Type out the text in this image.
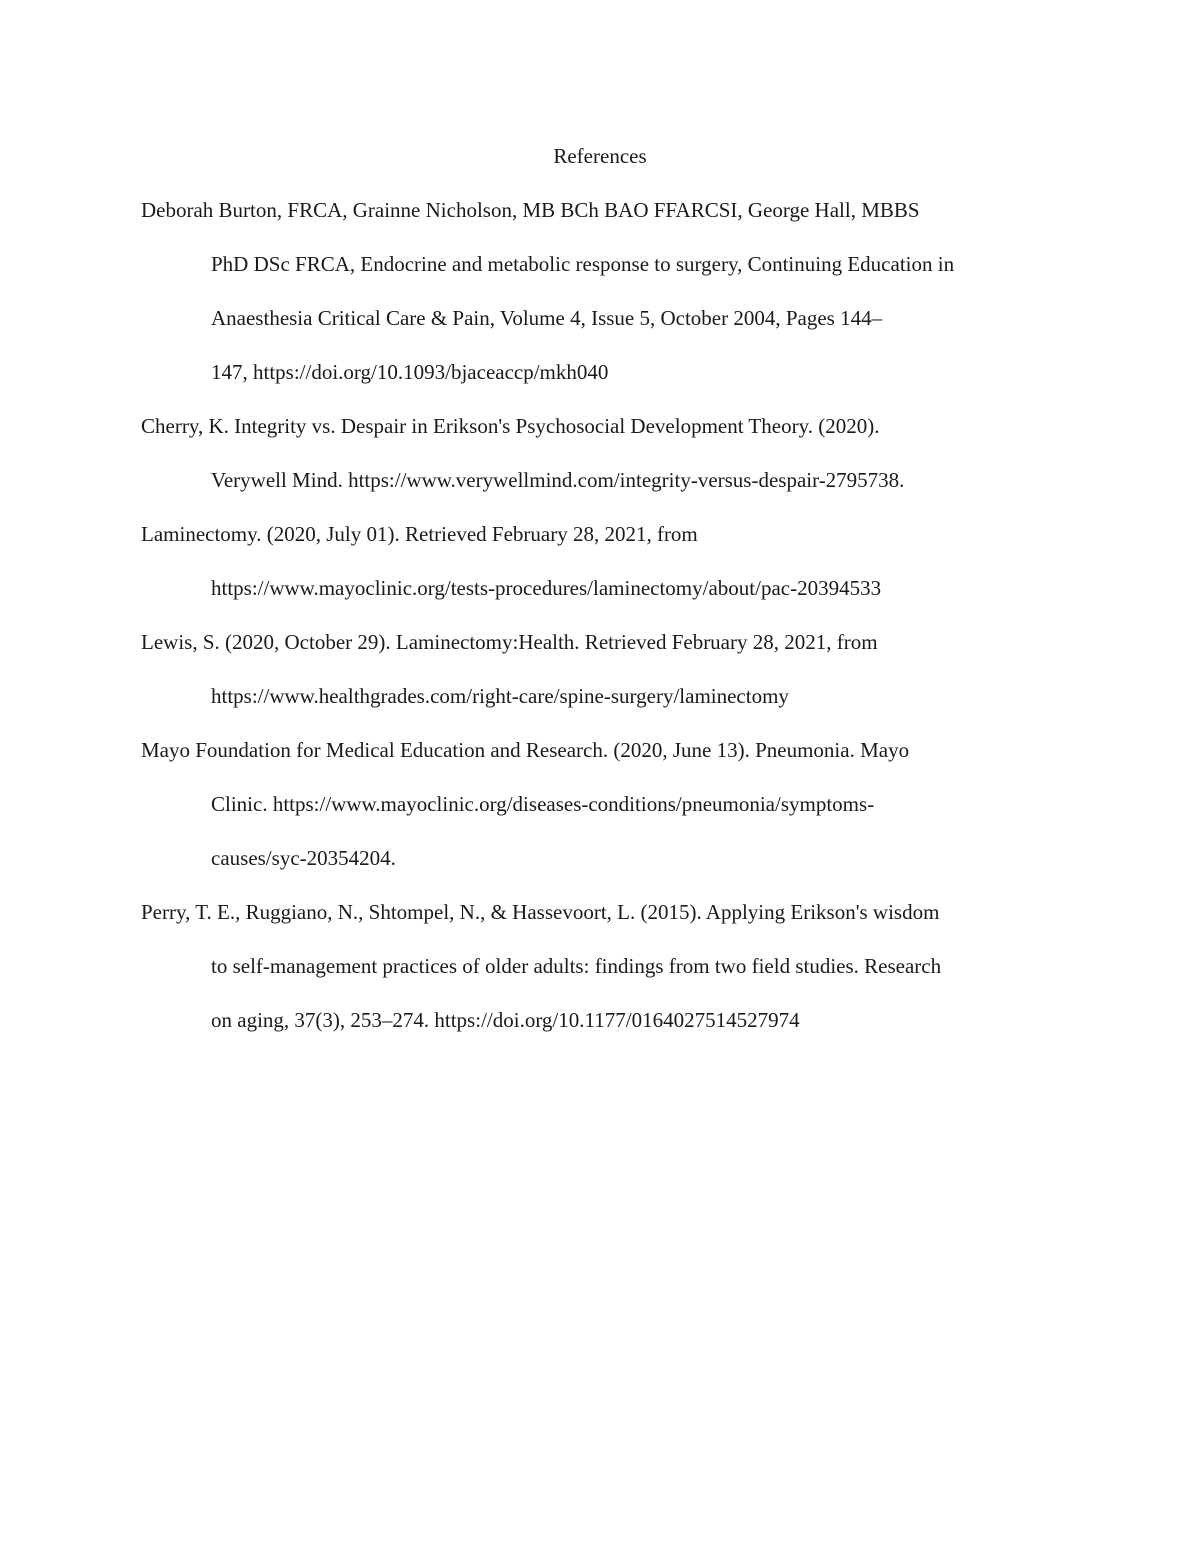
References
Deborah Burton, FRCA, Grainne Nicholson, MB BCh BAO FFARCSI, George Hall, MBBS
PhD DSc FRCA, Endocrine and metabolic response to surgery, Continuing Education in
Anaesthesia Critical Care & Pain, Volume 4, Issue 5, October 2004, Pages 144–
147, https://doi.org/10.1093/bjaceaccp/mkh040
Cherry, K. Integrity vs. Despair in Erikson's Psychosocial Development Theory. (2020).
Verywell Mind. https://www.verywellmind.com/integrity-versus-despair-2795738.
Laminectomy. (2020, July 01). Retrieved February 28, 2021, from
https://www.mayoclinic.org/tests-procedures/laminectomy/about/pac-20394533
Lewis, S. (2020, October 29). Laminectomy:Health. Retrieved February 28, 2021, from
https://www.healthgrades.com/right-care/spine-surgery/laminectomy
Mayo Foundation for Medical Education and Research. (2020, June 13). Pneumonia. Mayo
Clinic. https://www.mayoclinic.org/diseases-conditions/pneumonia/symptoms-
causes/syc-20354204.
Perry, T. E., Ruggiano, N., Shtompel, N., & Hassevoort, L. (2015). Applying Erikson's wisdom
to self-management practices of older adults: findings from two field studies. Research
on aging, 37(3), 253–274. https://doi.org/10.1177/0164027514527974
